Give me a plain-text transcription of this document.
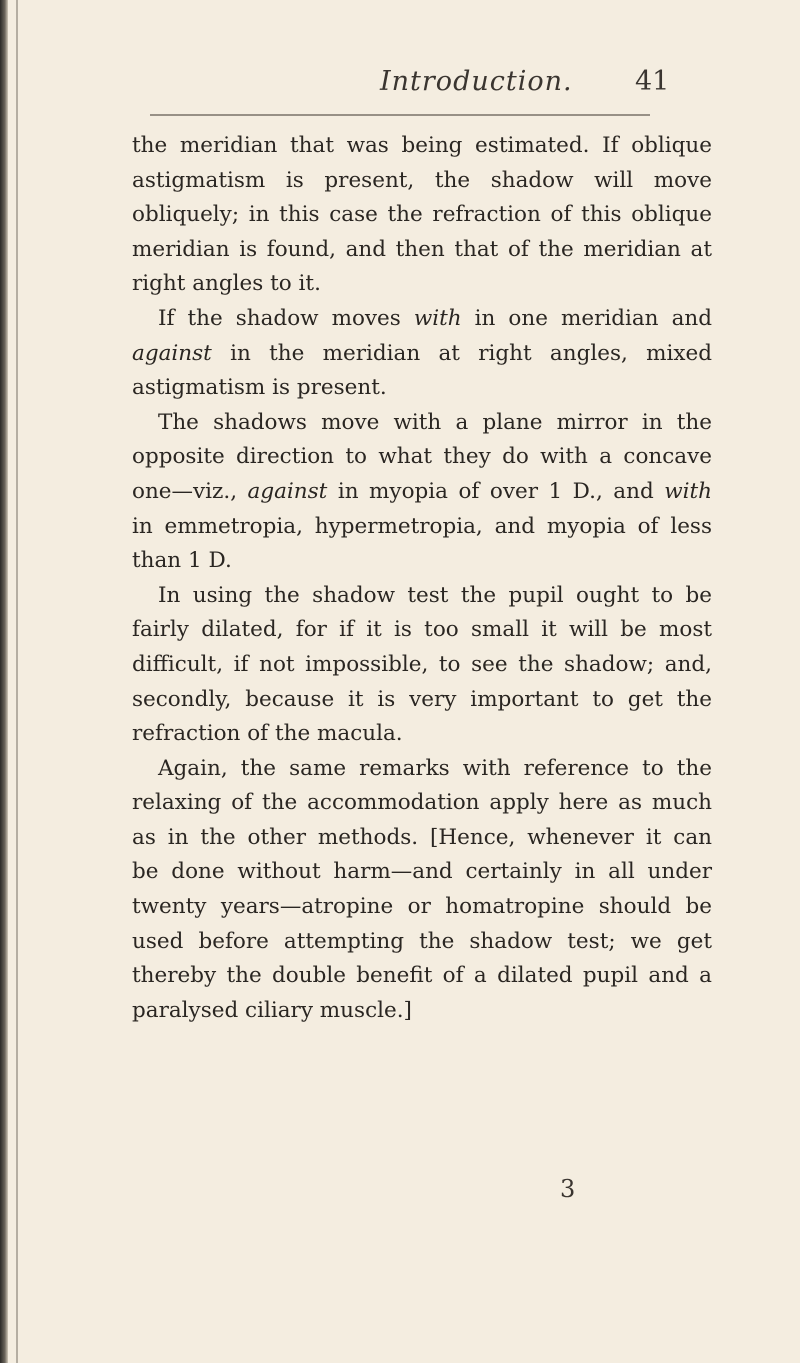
Introduction. 41
the meridian that was being estimated. If oblique
astigmatism is present, the shadow will move
obliquely; in this case the refraction of this oblique
meridian is found, and then that of the meridian at
right angles to it.
If the shadow moves with in one meridian and
against in the meridian at right angles, mixed
astigmatism is present.
The shadows move with a plane mirror in the
opposite direction to what they do with a concave
one—viz., against in myopia of over 1 D., and with
in emmetropia, hypermetropia, and myopia of less
than 1 D.
In using the shadow test the pupil ought to be
fairly dilated, for if it is too small it will be most
difficult, if not impossible, to see the shadow; and,
secondly, because it is very important to get the
refraction of the macula.
Again, the same remarks with reference to the
relaxing of the accommodation apply here as much
as in the other methods. [Hence, whenever it can
be done without harm—and certainly in all under
twenty years—atropine or homatropine should be
used before attempting the shadow test; we get
thereby the double benefit of a dilated pupil and a
paralysed ciliary muscle.]
3
